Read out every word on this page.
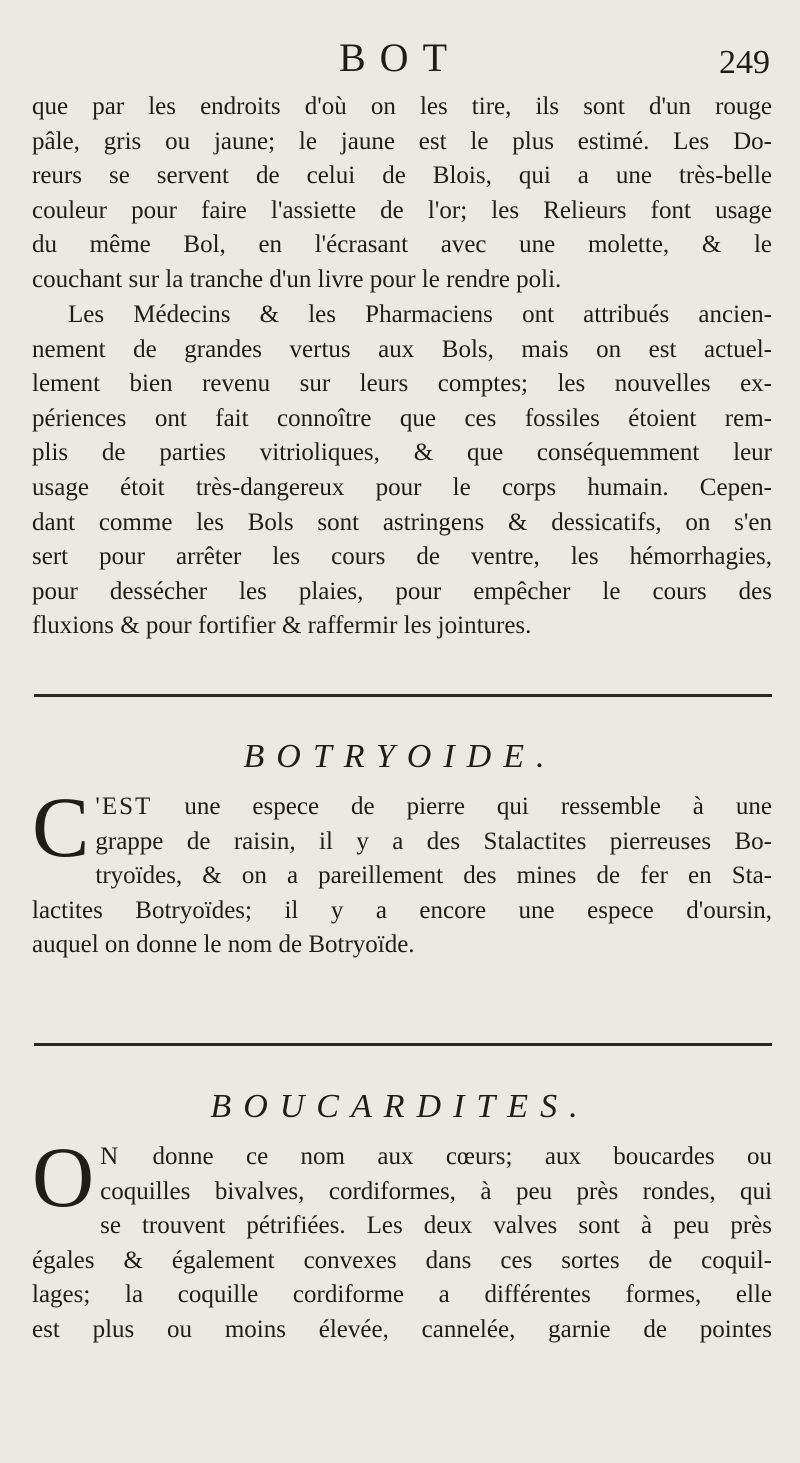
BOT	249
que par les endroits d'où on les tire, ils sont d'un rouge
pâle, gris ou jaune; le jaune est le plus estimé. Les Do-
reurs se servent de celui de Blois, qui a une très-belle
couleur pour faire l'assiette de l'or; les Relieurs font usage
du même Bol, en l'écrasant avec une molette, & le
couchant sur la tranche d'un livre pour le rendre poli.
Les Médecins & les Pharmaciens ont attribués ancien-
nement de grandes vertus aux Bols, mais on est actuel-
lement bien revenu sur leurs comptes; les nouvelles ex-
périences ont fait connoître que ces fossiles étoient rem-
plis de parties vitrioliques, & que conséquemment leur
usage étoit très-dangereux pour le corps humain. Cepen-
dant comme les Bols sont astringens & dessicatifs, on s'en
sert pour arrêter les cours de ventre, les hémorrhagies,
pour dessécher les plaies, pour empêcher le cours des
fluxions & pour fortifier & raffermir les jointures.
BOTRYOIDE.
C 'EST une espece de pierre qui ressemble à une
grappe de raisin, il y a des Stalactites pierreuses Bo-
tryoïdes, & on a pareillement des mines de fer en Sta-
lactites Botryoïdes; il y a encore une espece d'oursin,
auquel on donne le nom de Botryoïde.
BOUCARDITES.
O N donne ce nom aux cœurs; aux boucardes ou
coquilles bivalves, cordiformes, à peu près rondes, qui
se trouvent pétrifiées. Les deux valves sont à peu près
égales & également convexes dans ces sortes de coquil-
lages; la coquille cordiforme a différentes formes, elle
est plus ou moins élevée, cannelée, garnie de pointes
